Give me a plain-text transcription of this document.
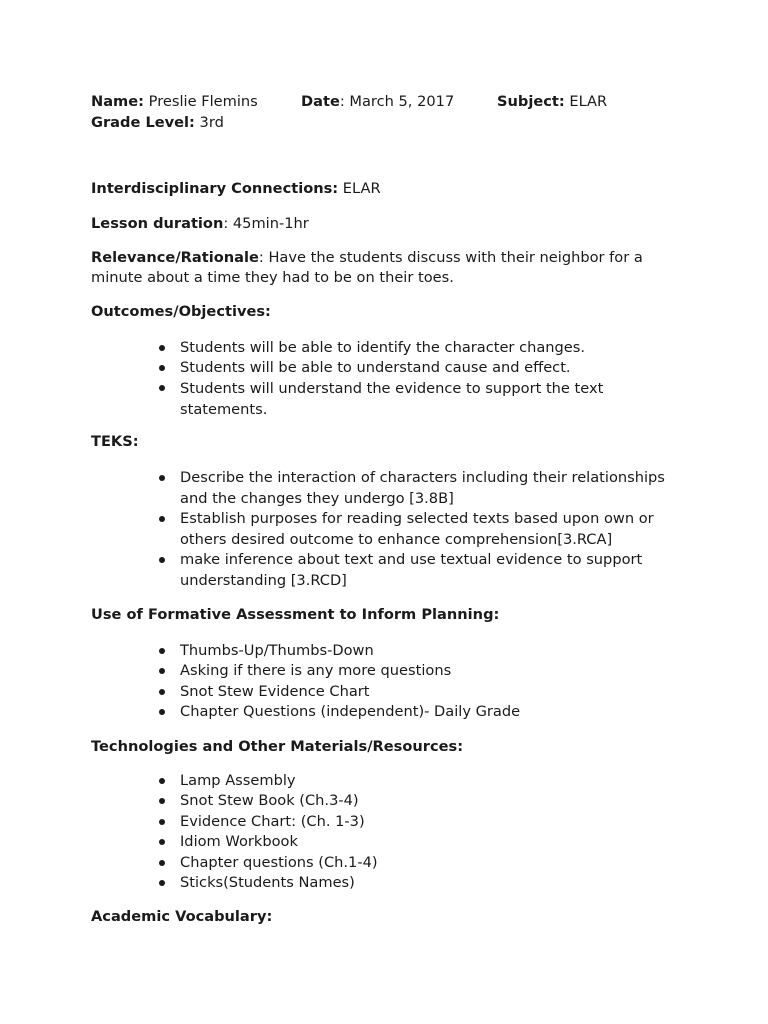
Name: Preslie Flemins	Date: March 5, 2017	Subject: ELAR
Grade Level: 3rd
Interdisciplinary Connections: ELAR
Lesson duration: 45min-1hr
Relevance/Rationale: Have the students discuss with their neighbor for a minute about a time they had to be on their toes.
Outcomes/Objectives:
Students will be able to identify the character changes.
Students will be able to understand cause and effect.
Students will understand the evidence to support the text statements.
TEKS:
Describe the interaction of characters including their relationships and the changes they undergo [3.8B]
Establish purposes for reading selected texts based upon own or others desired outcome to enhance comprehension[3.RCA]
make inference about text and use textual evidence to support understanding [3.RCD]
Use of Formative Assessment to Inform Planning:
Thumbs-Up/Thumbs-Down
Asking if there is any more questions
Snot Stew Evidence Chart
Chapter Questions (independent)- Daily Grade
Technologies and Other Materials/Resources:
Lamp Assembly
Snot Stew Book (Ch.3-4)
Evidence Chart: (Ch. 1-3)
Idiom Workbook
Chapter questions (Ch.1-4)
Sticks(Students Names)
Academic Vocabulary:
